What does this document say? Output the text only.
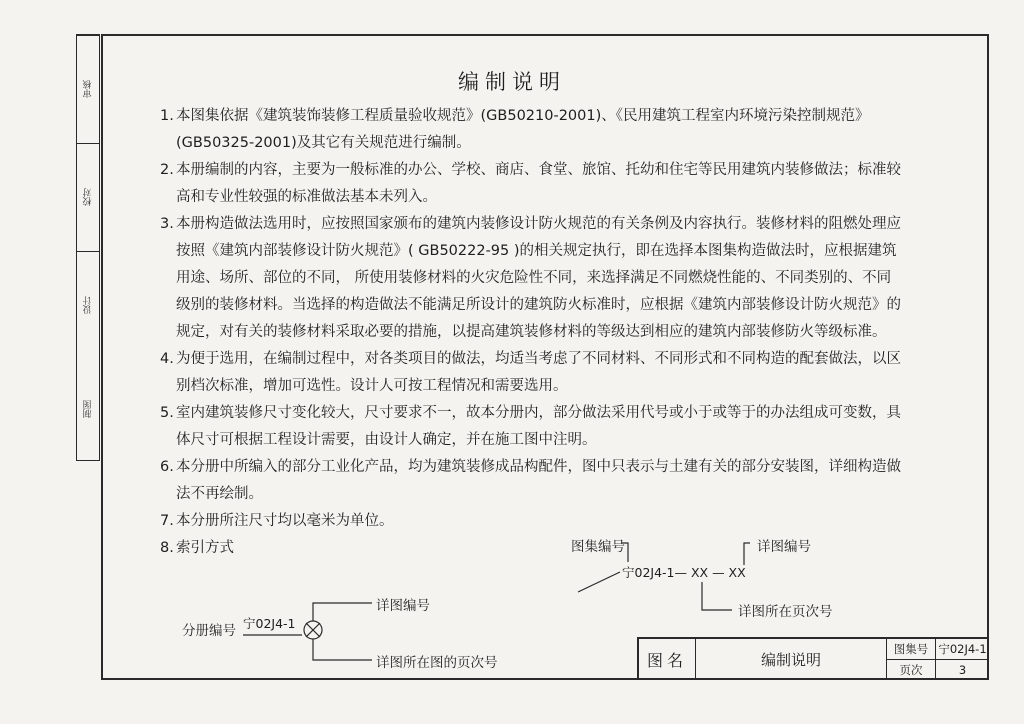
审核
校对
设计
制图
编制说明
1. 本图集依据《建筑装饰装修工程质量验收规范》(GB50210-2001)、《民用建筑工程室内环境污染控制规范》(GB50325-2001)及其它有关规范进行编制。
2. 本册编制的内容，主要为一般标准的办公、学校、商店、食堂、旅馆、托幼和住宅等民用建筑内装修做法；标准较高和专业性较强的标准做法基本未列入。
3. 本册构造做法选用时，应按照国家颁布的建筑内装修设计防火规范的有关条例及内容执行。装修材料的阻燃处理应按照《建筑内部装修设计防火规范》( GB50222-95 )的相关规定执行，即在选择本图集构造做法时，应根据建筑用途、场所、部位的不同， 所使用装修材料的火灾危险性不同，来选择满足不同燃烧性能的、不同类别的、不同级别的装修材料。当选择的构造做法不能满足所设计的建筑防火标准时，应根据《建筑内部装修设计防火规范》的规定，对有关的装修材料采取必要的措施，以提高建筑装修材料的等级达到相应的建筑内部装修防火等级标准。
4. 为便于选用，在编制过程中，对各类项目的做法，均适当考虑了不同材料、不同形式和不同构造的配套做法，以区别档次标准，增加可选性。设计人可按工程情况和需要选用。
5. 室内建筑装修尺寸变化较大，尺寸要求不一，故本分册内，部分做法采用代号或小于或等于的办法组成可变数，具体尺寸可根据工程设计需要，由设计人确定，并在施工图中注明。
6. 本分册中所编入的部分工业化产品，均为建筑装修成品构配件，图中只表示与土建有关的部分安装图，详细构造做法不再绘制。
7. 本分册所注尺寸均以毫米为单位。
8. 索引方式
分册编号 宁02J4-1
详图编号
详图所在图的页次号
图集编号
宁02J4-1— XX — XX
详图编号
详图所在页次号
图名	编制说明
图集号 宁02J4-1
页次	3
